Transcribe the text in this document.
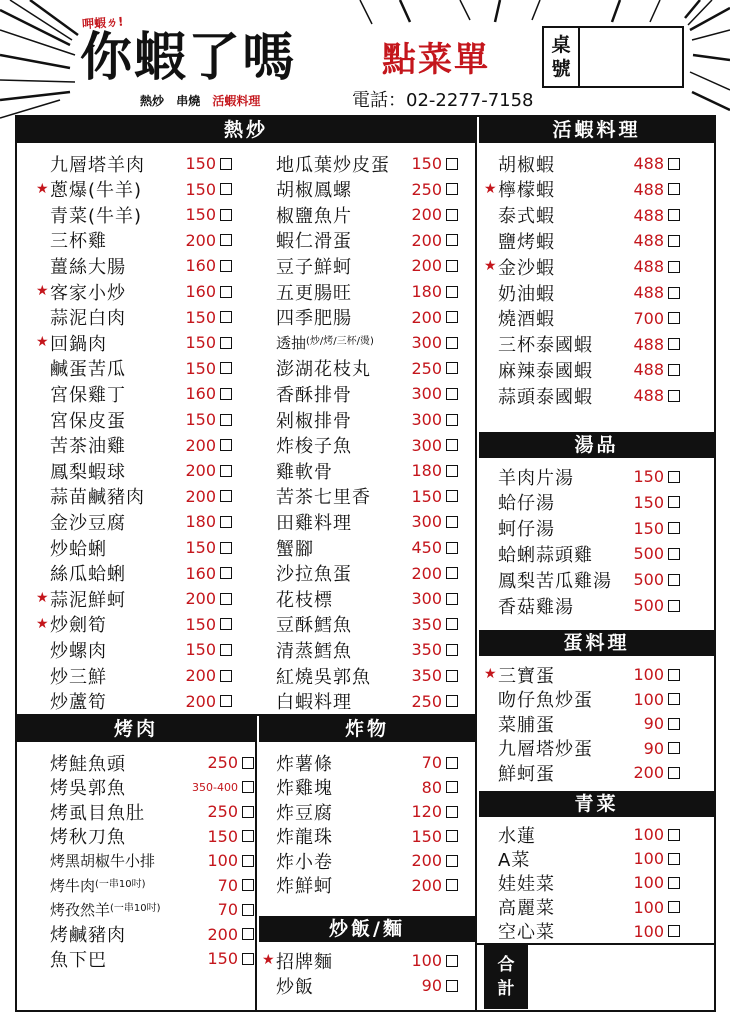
呷蝦ㄌ!
你蝦了嗎	點菜單
熱炒 串燒 活蝦料理	電話：02-2277-7158
桌
號
熱炒	活蝦料理
烤肉	炸物
炒飯/麵
湯品
蛋料理
青菜
合
計
九層塔羊肉	150
★ 蔥爆(牛羊)	150
青菜(牛羊)	150
三杯雞	200
薑絲大腸	160
★ 客家小炒	160
蒜泥白肉	150
★ 回鍋肉	150
鹹蛋苦瓜	150
宮保雞丁	160
宮保皮蛋	150
苦茶油雞	200
鳳梨蝦球	200
蒜苗鹹豬肉	200
金沙豆腐	180
炒蛤蜊	150
絲瓜蛤蜊	160
★ 蒜泥鮮蚵	200
★ 炒劍筍	150
炒螺肉	150
炒三鮮	200
炒蘆筍	200
地瓜葉炒皮蛋	150
胡椒鳳螺	250
椒鹽魚片	200
蝦仁滑蛋	200
豆子鮮蚵	200
五更腸旺	180
四季肥腸	200
透抽 (炒/烤/三杯/燙)	300
澎湖花枝丸	250
香酥排骨	300
剁椒排骨	300
炸梭子魚	300
雞軟骨	180
苦茶七里香	150
田雞料理	300
蟹腳	450
沙拉魚蛋	200
花枝標	300
豆酥鱈魚	350
清蒸鱈魚	350
紅燒吳郭魚	350
白蝦料理	250
烤鮭魚頭	250
烤吳郭魚	350-400
烤虱目魚肚	250
烤秋刀魚	150
烤黑胡椒牛小排	100
烤牛肉 (一串10吋)	70
烤孜然羊 (一串10吋)	70
烤鹹豬肉	200
魚下巴	150
炸薯條	70
炸雞塊	80
炸豆腐	120
炸龍珠	150
炸小卷	200
炸鮮蚵	200
★ 招牌麵	100
炒飯	90
胡椒蝦	488
★ 檸檬蝦	488
泰式蝦	488
鹽烤蝦	488
★ 金沙蝦	488
奶油蝦	488
燒酒蝦	700
三杯泰國蝦	488
麻辣泰國蝦	488
蒜頭泰國蝦	488
羊肉片湯	150
蛤仔湯	150
蚵仔湯	150
蛤蜊蒜頭雞	500
鳳梨苦瓜雞湯	500
香菇雞湯	500
★ 三寶蛋	100
吻仔魚炒蛋	100
菜脯蛋	90
九層塔炒蛋	90
鮮蚵蛋	200
水蓮	100
A菜	100
娃娃菜	100
高麗菜	100
空心菜	100
